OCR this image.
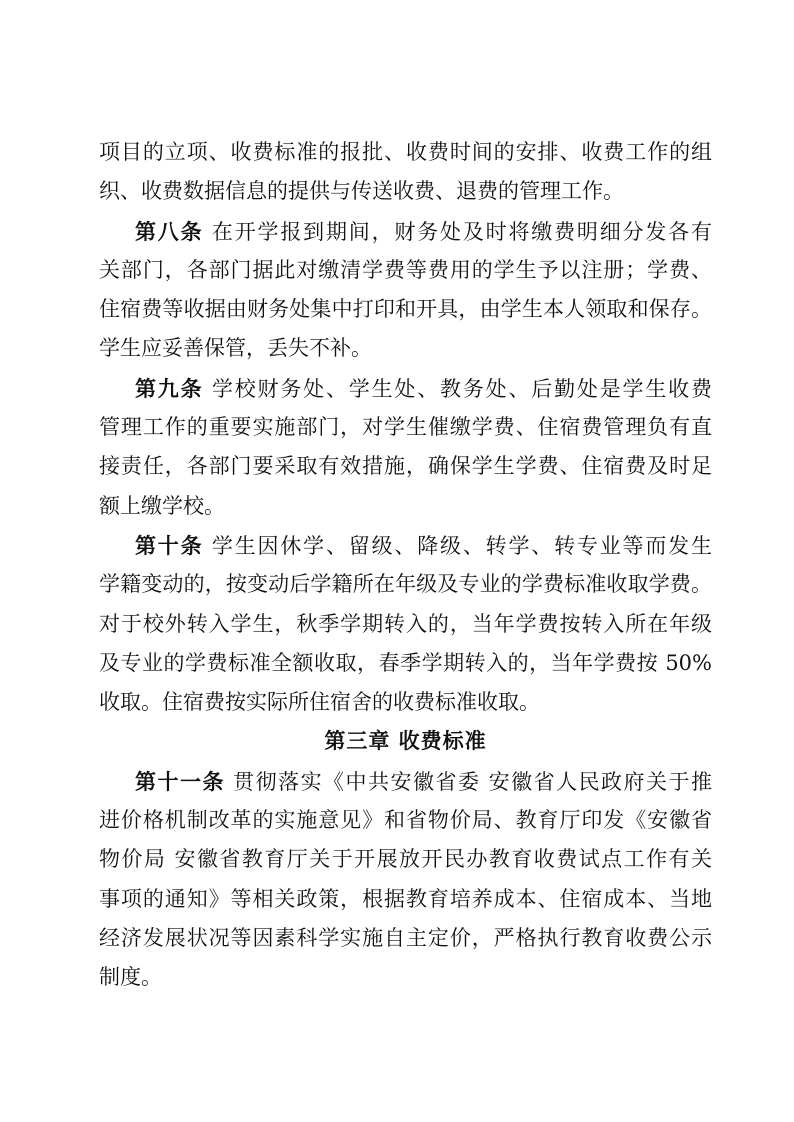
项目的立项、收费标准的报批、收费时间的安排、收费工作的组
织、收费数据信息的提供与传送收费、退费的管理工作。
第八条 在开学报到期间，财务处及时将缴费明细分发各有
关部门，各部门据此对缴清学费等费用的学生予以注册；学费、
住宿费等收据由财务处集中打印和开具，由学生本人领取和保存。
学生应妥善保管，丢失不补。
第九条 学校财务处、学生处、教务处、后勤处是学生收费
管理工作的重要实施部门，对学生催缴学费、住宿费管理负有直
接责任，各部门要采取有效措施，确保学生学费、住宿费及时足
额上缴学校。
第十条 学生因休学、留级、降级、转学、转专业等而发生
学籍变动的，按变动后学籍所在年级及专业的学费标准收取学费。
对于校外转入学生，秋季学期转入的，当年学费按转入所在年级
及专业的学费标准全额收取，春季学期转入的，当年学费按 50%
收取。住宿费按实际所住宿舍的收费标准收取。
第三章 收费标准
第十一条 贯彻落实《中共安徽省委 安徽省人民政府关于推
进价格机制改革的实施意见》和省物价局、教育厅印发《安徽省
物价局 安徽省教育厅关于开展放开民办教育收费试点工作有关
事项的通知》等相关政策，根据教育培养成本、住宿成本、当地
经济发展状况等因素科学实施自主定价，严格执行教育收费公示
制度。
